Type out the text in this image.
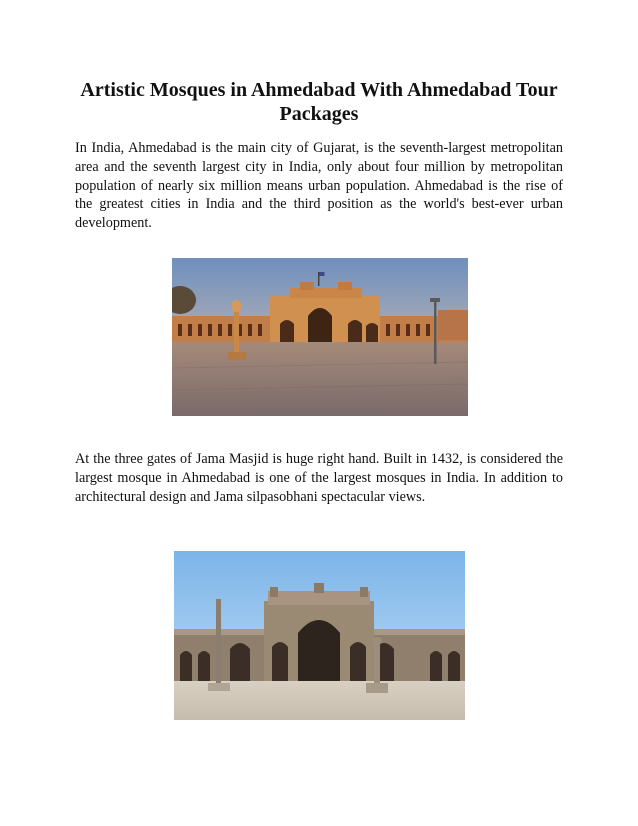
Artistic Mosques in Ahmedabad With Ahmedabad Tour Packages

In India, Ahmedabad is the main city of Gujarat, is the seventh-largest metropolitan area and the seventh largest city in India, only about four million by metropolitan population of nearly six million means urban population. Ahmedabad is the rise of the greatest cities in India and the third position as the world's best-ever urban development.

At the three gates of Jama Masjid is huge right hand. Built in 1432, is considered the largest mosque in Ahmedabad is one of the largest mosques in India. In addition to architectural design and Jama silpasobhani spectacular views.
